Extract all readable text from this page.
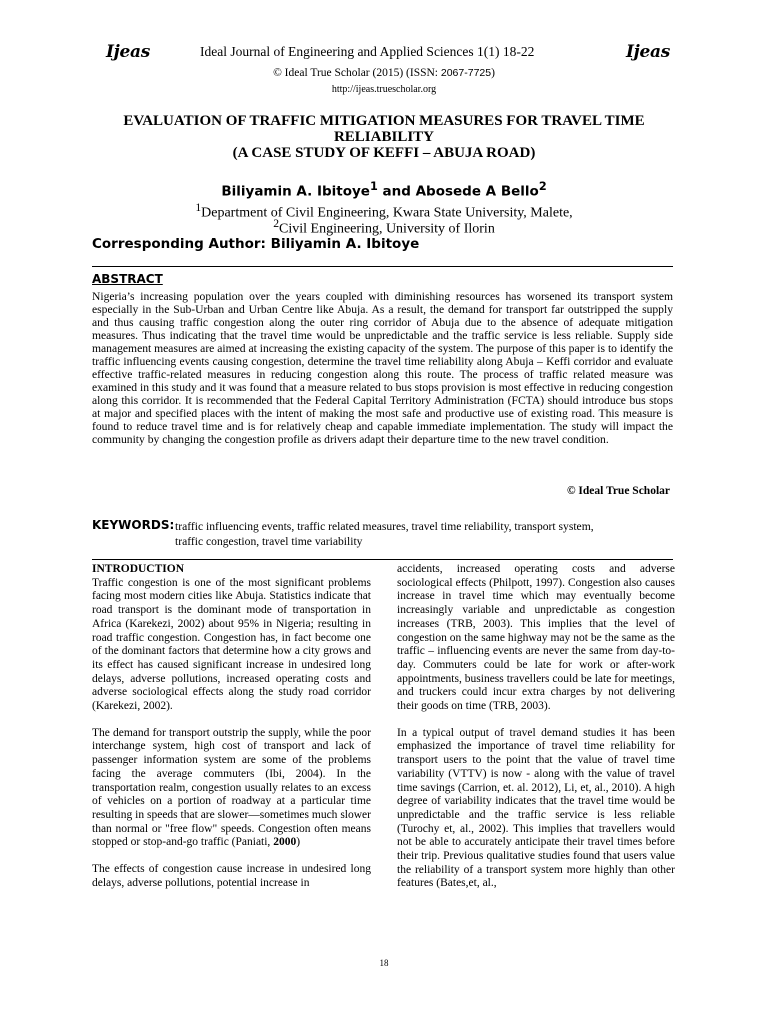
Ijeas	Ideal Journal of Engineering and Applied Sciences 1(1) 18-22	Ijeas
© Ideal True Scholar (2015) (ISSN: 2067-7725)
http://ijeas.truescholar.org
EVALUATION OF TRAFFIC MITIGATION MEASURES FOR TRAVEL TIME
RELIABILITY
(A CASE STUDY OF KEFFI – ABUJA ROAD)
Biliyamin A. Ibitoye$^1$ and Abosede A Bello$^2$
$^1$Department of Civil Engineering, Kwara State University, Malete,
$^2$Civil Engineering, University of Ilorin
Corresponding Author: Biliyamin A. Ibitoye
ABSTRACT
Nigeria’s increasing population over the years coupled with diminishing resources has worsened its transport system especially in the Sub-Urban and Urban Centre like Abuja. As a result, the demand for transport far outstripped the supply and thus causing traffic congestion along the outer ring corridor of Abuja due to the absence of adequate mitigation measures. Thus indicating that the travel time would be unpredictable and the traffic service is less reliable. Supply side management measures are aimed at increasing the existing capacity of the system. The purpose of this paper is to identify the traffic influencing events causing congestion, determine the travel time reliability along Abuja – Keffi corridor and evaluate effective traffic-related measures in reducing congestion along this route. The process of traffic related measure was examined in this study and it was found that a measure related to bus stops provision is most effective in reducing congestion along this corridor. It is recommended that the Federal Capital Territory Administration (FCTA) should introduce bus stops at major and specified places with the intent of making the most safe and productive use of existing road. This measure is found to reduce travel time and is for relatively cheap and capable immediate implementation. The study will impact the community by changing the congestion profile as drivers adapt their departure time to the new travel condition.
© Ideal True Scholar
KEYWORDS: traffic influencing events, traffic related measures, travel time reliability, transport system,
traffic congestion, travel time variability
INTRODUCTION

Traffic congestion is one of the most significant problems facing most modern cities like Abuja. Statistics indicate that road transport is the dominant mode of transportation in Africa (Karekezi, 2002) about 95% in Nigeria; resulting in road traffic congestion. Congestion has, in fact become one of the dominant factors that determine how a city grows and its effect has caused significant increase in undesired long delays, adverse pollutions, increased operating costs and adverse sociological effects along the study road corridor (Karekezi, 2002).

The demand for transport outstrip the supply, while the poor interchange system, high cost of transport and lack of passenger information system are some of the problems facing the average commuters (Ibi, 2004). In the transportation realm, congestion usually relates to an excess of vehicles on a portion of roadway at a particular time resulting in speeds that are slower—sometimes much slower than normal or "free flow" speeds. Congestion often means stopped or stop-and-go traffic (Paniati, 2000)

The effects of congestion cause increase in undesired long delays, adverse pollutions, potential increase in

accidents, increased operating costs and adverse sociological effects (Philpott, 1997). Congestion also causes increase in travel time which may eventually become increasingly variable and unpredictable as congestion increases (TRB, 2003). This implies that the level of congestion on the same highway may not be the same as the traffic – influencing events are never the same from day-to-day. Commuters could be late for work or after-work appointments, business travellers could be late for meetings, and truckers could incur extra charges by not delivering their goods on time (TRB, 2003).

In a typical output of travel demand studies it has been emphasized the importance of travel time reliability for transport users to the point that the value of travel time variability (VTTV) is now - along with the value of travel time savings (Carrion, et. al. 2012), Li, et, al., 2010). A high degree of variability indicates that the travel time would be unpredictable and the traffic service is less reliable (Turochy et, al., 2002). This implies that travellers would not be able to accurately anticipate their travel times before their trip. Previous qualitative studies found that users value the reliability of a transport system more highly than other features (Bates,et, al.,

18
